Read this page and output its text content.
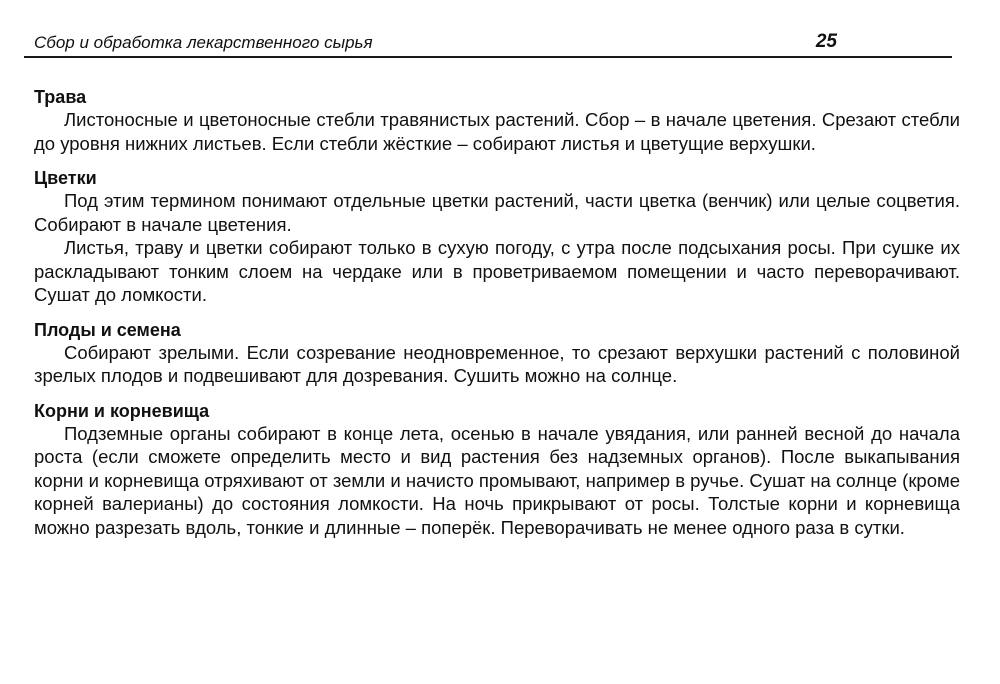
Сбор и обработка лекарственного сырья	25

Трава

Листоносные и цветоносные стебли травянистых растений. Сбор – в начале цветения. Срезают стебли до уровня нижних листьев. Если стебли жёсткие – собирают листья и цветущие верхушки.

Цветки

Под этим термином понимают отдельные цветки растений, части цветка (венчик) или целые соцветия. Собирают в начале цветения.

Листья, траву и цветки собирают только в сухую погоду, с утра после подсыхания росы. При сушке их раскладывают тонким слоем на чердаке или в проветриваемом помещении и часто переворачивают. Сушат до ломкости.

Плоды и семена

Собирают зрелыми. Если созревание неодновременное, то срезают верхушки растений с половиной зрелых плодов и подвешивают для дозревания. Сушить можно на солнце.

Корни и корневища

Подземные органы собирают в конце лета, осенью в начале увядания, или ранней весной до начала роста (если сможете определить место и вид растения без надземных органов). После выкапывания корни и корневища отряхивают от земли и начисто промывают, например в ручье. Сушат на солнце (кроме корней валерианы) до состояния ломкости. На ночь прикрывают от росы. Толстые корни и корневища можно разрезать вдоль, тонкие и длинные – поперёк. Переворачивать не менее одного раза в сутки.
